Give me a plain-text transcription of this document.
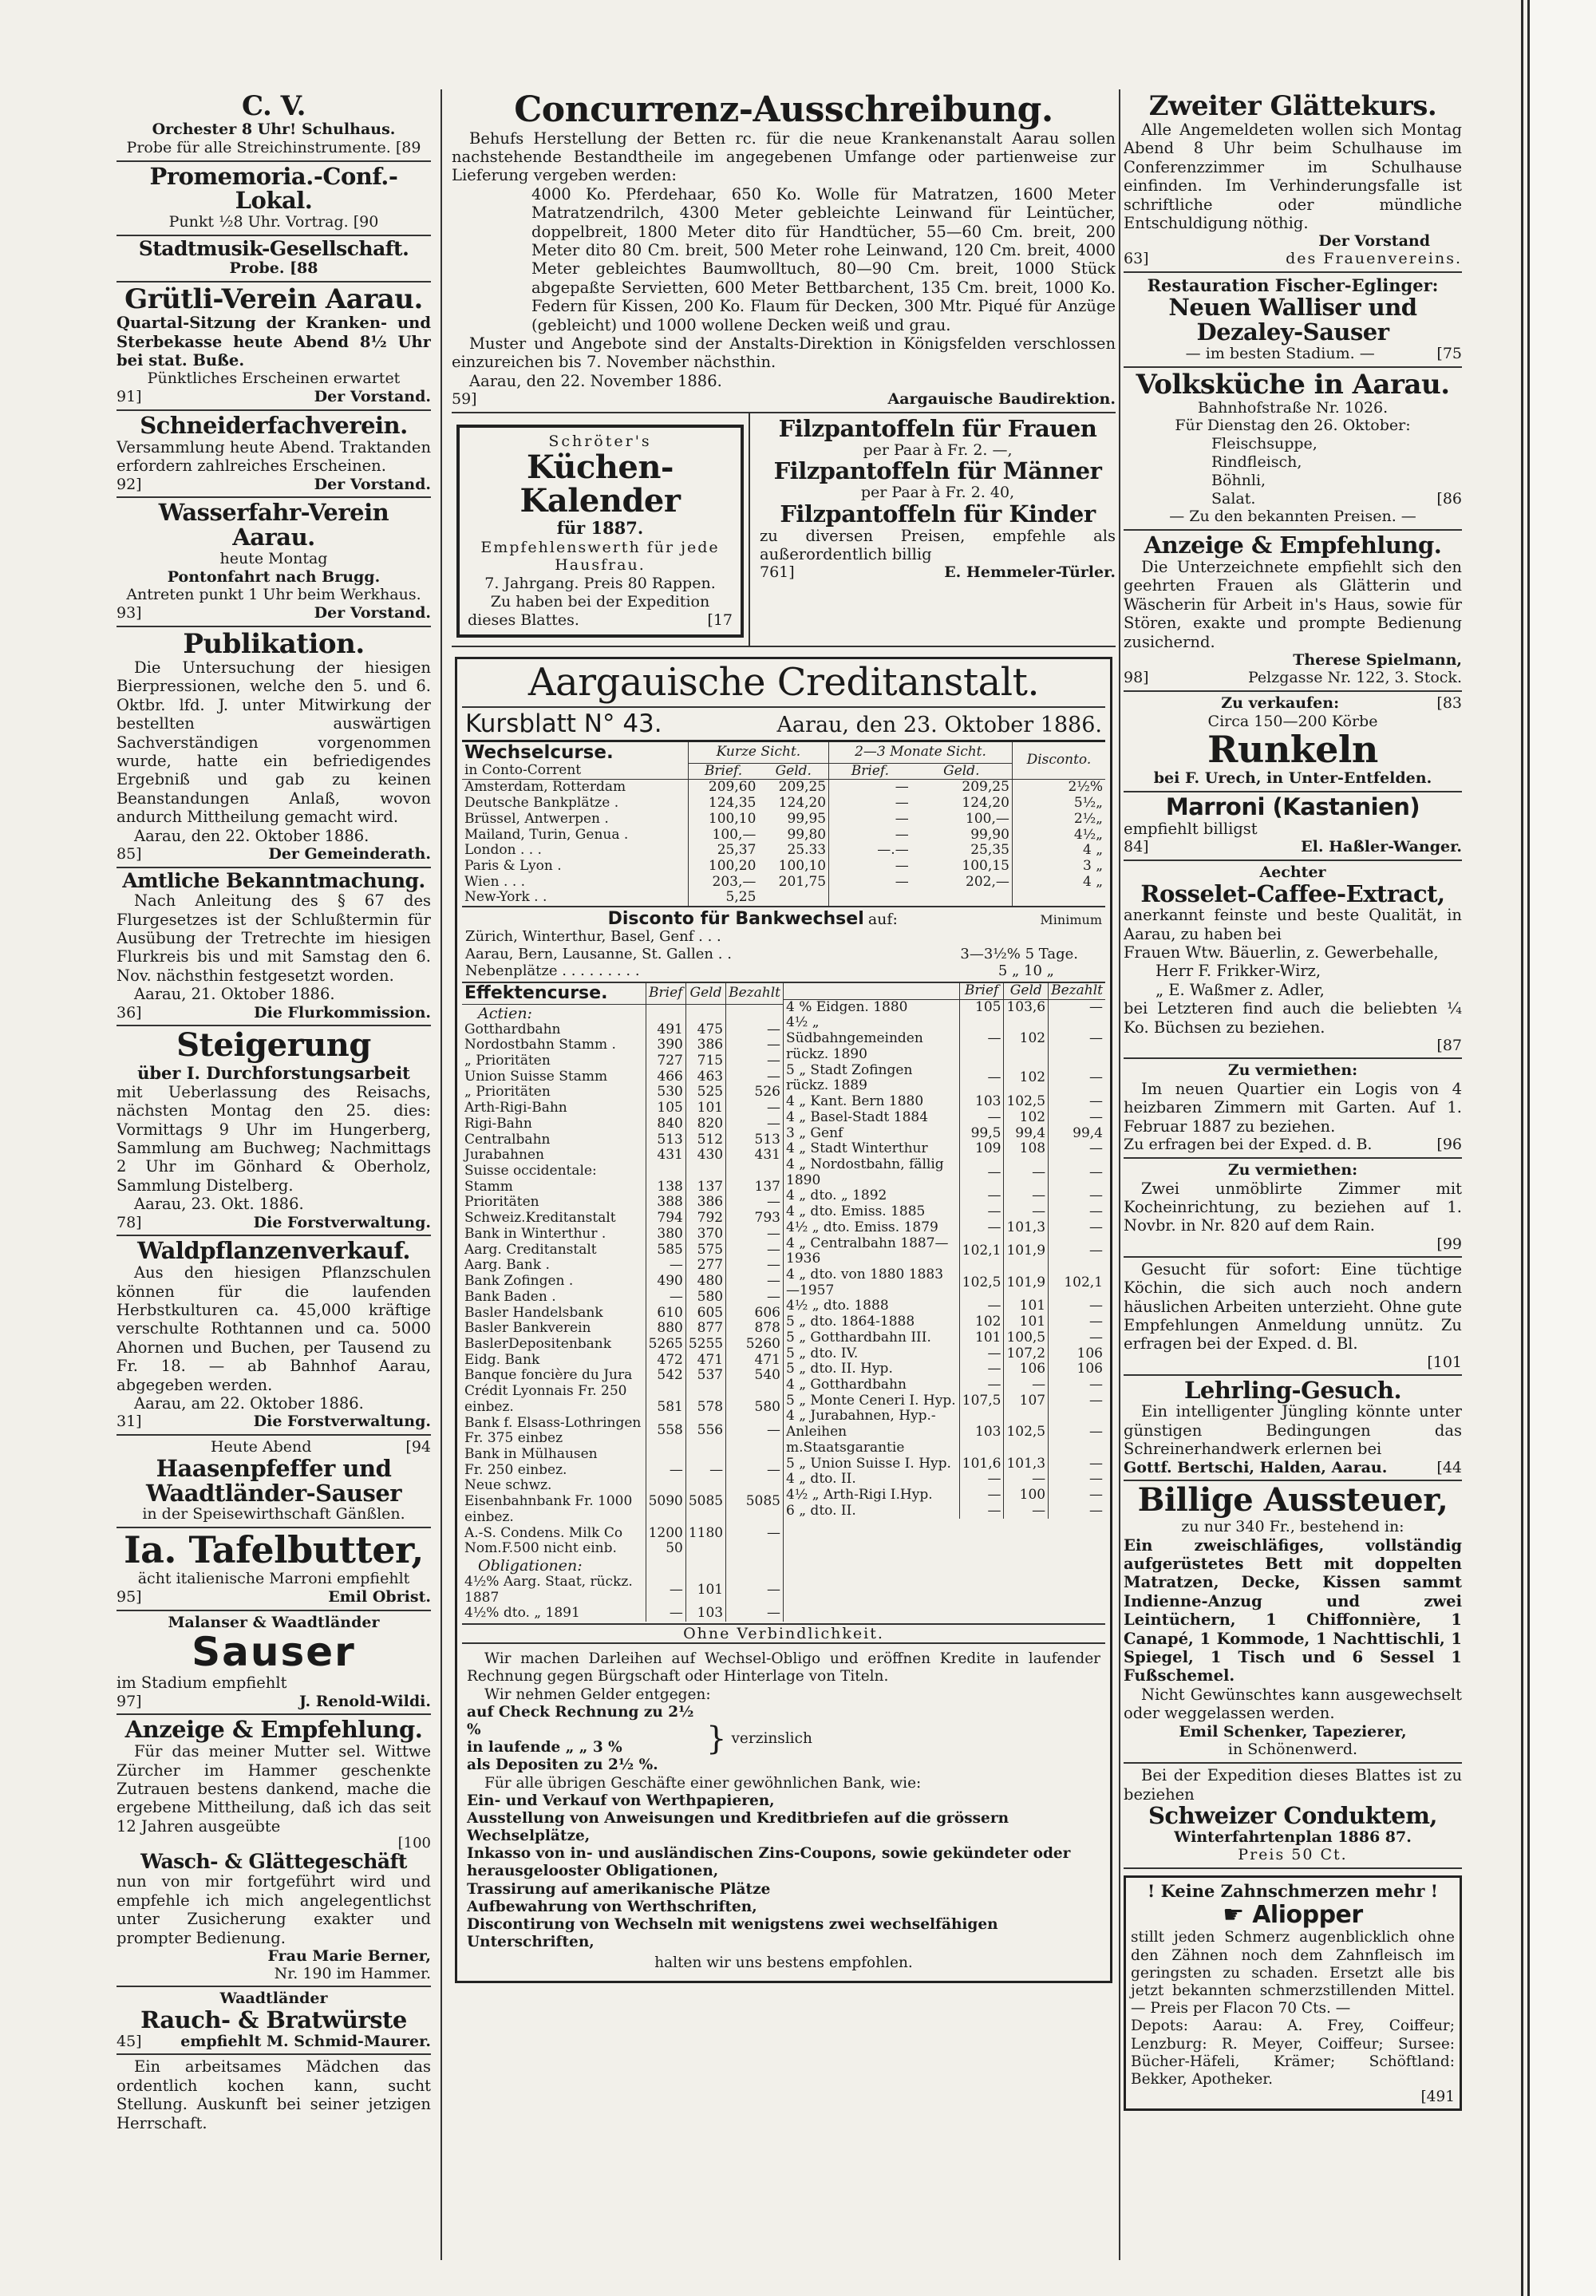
C. V.
Orchester 8 Uhr! Schulhaus.
Probe für alle Streichinstrumente. [89
Promemoria.-Conf.-Lokal.
Punkt ½8 Uhr. Vortrag. [90
Stadtmusik-Gesellschaft.
Probe. [88
Grütli-Verein Aarau.
Quartal-Sitzung der Kranken- und Sterbekasse heute Abend 8½ Uhr bei stat. Buße.
Pünktliches Erscheinen erwartet
91]	Der Vorstand.
Schneiderfachverein.
Versammlung heute Abend. Traktanden erfordern zahlreiches Erscheinen.
92]	Der Vorstand.
Wasserfahr-Verein Aarau.
heute Montag
Pontonfahrt nach Brugg.
Antreten punkt 1 Uhr beim Werkhaus.
93]	Der Vorstand.
Publikation.
Die Untersuchung der hiesigen Bierpressionen, welche den 5. und 6. Oktbr. lfd. J. unter Mitwirkung der bestellten auswärtigen Sachverständigen vorgenommen wurde, hatte ein befriedigendes Ergebniß und gab zu keinen Beanstandungen Anlaß, wovon andurch Mittheilung gemacht wird.
Aarau, den 22. Oktober 1886.
85]	Der Gemeinderath.
Amtliche Bekanntmachung.
Nach Anleitung des § 67 des Flurgesetzes ist der Schlußtermin für Ausübung der Tretrechte im hiesigen Flurkreis bis und mit Samstag den 6. Nov. nächsthin festgesetzt worden.
Aarau, 21. Oktober 1886.
36]	Die Flurkommission.
Steigerung
über I. Durchforstungsarbeit
mit Ueberlassung des Reisachs, nächsten Montag den 25. dies: Vormittags 9 Uhr im Hungerberg, Sammlung am Buchweg; Nachmittags 2 Uhr im Gönhard & Oberholz, Sammlung Distelberg.
Aarau, 23. Okt. 1886.
78]	Die Forstverwaltung.
Waldpflanzenverkauf.
Aus den hiesigen Pflanzschulen können für die laufenden Herbstkulturen ca. 45,000 kräftige verschulte Rothtannen und ca. 5000 Ahornen und Buchen, per Tausend zu Fr. 18. — ab Bahnhof Aarau, abgegeben werden.
Aarau, am 22. Oktober 1886.
31]	Die Forstverwaltung.
Heute Abend	[94
Haasenpfeffer und
Waadtländer-Sauser
in der Speisewirthschaft Gänßlen.
Ia. Tafelbutter,
ächt italienische Marroni empfiehlt
95]	Emil Obrist.
Malanser & Waadtländer
Sauser
im Stadium empfiehlt
97]	J. Renold-Wildi.
Anzeige & Empfehlung.
Für das meiner Mutter sel. Wittwe Zürcher im Hammer geschenkte Zutrauen bestens dankend, mache die ergebene Mittheilung, daß ich das seit 12 Jahren ausgeübte
[100
Wasch- & Glättegeschäft
nun von mir fortgeführt wird und empfehle ich mich angelegentlichst unter Zusicherung exakter und prompter Bedienung.
Frau Marie Berner,
Nr. 190 im Hammer.
Waadtländer
Rauch- & Bratwürste
45]	empfiehlt M. Schmid-Maurer.
Ein arbeitsames Mädchen das ordentlich kochen kann, sucht Stellung. Auskunft bei seiner jetzigen Herrschaft.
Concurrenz-Ausschreibung.
Behufs Herstellung der Betten rc. für die neue Krankenanstalt Aarau sollen nachstehende Bestandtheile im angegebenen Umfange oder partienweise zur Lieferung vergeben werden:
4000 Ko. Pferdehaar, 650 Ko. Wolle für Matratzen, 1600 Meter Matratzendrilch, 4300 Meter gebleichte Leinwand für Leintücher, doppelbreit, 1800 Meter dito für Handtücher, 55—60 Cm. breit, 200 Meter dito 80 Cm. breit, 500 Meter rohe Leinwand, 120 Cm. breit, 4000 Meter gebleichtes Baumwolltuch, 80—90 Cm. breit, 1000 Stück abgepaßte Servietten, 600 Meter Bettbarchent, 135 Cm. breit, 1000 Ko. Federn für Kissen, 200 Ko. Flaum für Decken, 300 Mtr. Piqué für Anzüge (gebleicht) und 1000 wollene Decken weiß und grau.
Muster und Angebote sind der Anstalts-Direktion in Königsfelden verschlossen einzureichen bis 7. November nächsthin.
Aarau, den 22. November 1886.
59]	Aargauische Baudirektion.
Schröter's
Küchen-Kalender
für 1887.
Empfehlenswerth für jede Hausfrau.
7. Jahrgang. Preis 80 Rappen.
Zu haben bei der Expedition
dieses Blattes.	[17
Filzpantoffeln für Frauen
per Paar à Fr. 2. —,
Filzpantoffeln für Männer
per Paar à Fr. 2. 40,
Filzpantoffeln für Kinder
zu diversen Preisen, empfehle als außerordentlich billig
761]	E. Hemmeler-Türler.
Aargauische Creditanstalt.
Kursblatt N° 43.	Aarau, den 23. Oktober 1886.
Wechselcurse.	Kurze Sicht.		2—3 Monate Sicht.		Disconto.
in Conto-Corrent	Brief.	Geld.	Brief.	Geld.	
Amsterdam, Rotterdam	209,60	209,25	—	209,25	2½%
Deutsche Bankplätze .	124,35	124,20	—	124,20	5½„
Brüssel, Antwerpen .	100,10	99,95	—	100,—	2½„
Mailand, Turin, Genua .	100,—	99,80	—	99,90	4½„
London . . .	25,37	25.33	—.—	25,35	4 „
Paris & Lyon .	100,20	100,10	—	100,15	3 „
Wien . . .	203,—	201,75	—	202,—	4 „
New-York . .	5,25				
Disconto für Bankwechsel auf:	Minimum
Zürich, Winterthur, Basel, Genf . . .
Aarau, Bern, Lausanne, St. Gallen . .	3—3½% 5 Tage.
Nebenplätze . . . . . . . . .	5 „ 10 „
Effektencurse.	Brief	Geld	Bezahlt
Actien:			
Gotthardbahn	491	475	—
Nordostbahn Stamm .	390	386	—
„ Prioritäten	727	715	—
Union Suisse Stamm	466	463	—
„ Prioritäten	530	525	526
Arth-Rigi-Bahn	105	101	—
Rigi-Bahn	840	820	—
Centralbahn	513	512	513
Jurabahnen	431	430	431
Suisse occidentale:			
Stamm	138	137	137
Prioritäten	388	386	—
Schweiz.Kreditanstalt	794	792	793
Bank in Winterthur .	380	370	—
Aarg. Creditanstalt	585	575	—
Aarg. Bank .	—	277	—
Bank Zofingen .	490	480	—
Bank Baden .	—	580	—
Basler Handelsbank	610	605	606
Basler Bankverein	880	877	878
BaslerDepositenbank	5265	5255	5260
Eidg. Bank	472	471	471
Banque foncière du Jura	542	537	540
Crédit Lyonnais Fr. 250			
einbez.	581	578	580
Bank f. Elsass-Lothringen Fr. 375 einbez	558	556	—
Bank in Mülhausen			
Fr. 250 einbez.	—	—	—
Neue schwz. Eisenbahnbank Fr. 1000 einbez.	5090	5085	5085
A.-S. Condens. Milk Co	1200	1180	—
Nom.F.500 nicht einb.	50		
Obligationen:			
4½% Aarg. Staat, rückz. 1887	—	101	—
4½% dto. „ 1891	—	103	—
	Brief	Geld	Bezahlt
4 % Eidgen. 1880	105	103,6	—
4½ „ Südbahngemeinden rückz. 1890	—	102	—
5 „ Stadt Zofingen rückz. 1889	—	102	—
4 „ Kant. Bern 1880	103	102,5	—
4 „ Basel-Stadt 1884	—	102	—
3 „ Genf	99,5	99,4	99,4
4 „ Stadt Winterthur	109	108	—
4 „ Nordostbahn, fällig 1890	—	—	—
4 „ dto. „ 1892	—	—	—
4 „ dto. Emiss. 1885	—	—	—
4½ „ dto. Emiss. 1879	—	101,3	—
4 „ Centralbahn 1887—1936	102,1	101,9	—
4 „ dto. von 1880 1883—1957	102,5	101,9	102,1
4½ „ dto. 1888	—	101	—
5 „ dto. 1864-1888	102	101	—
5 „ Gotthardbahn III.	101	100,5	—
5 „ dto. IV.	—	107,2	106
5 „ dto. II. Hyp.	—	106	106
4 „ Gotthardbahn	—	—	—
5 „ Monte Ceneri I. Hyp.	107,5	107	—
4 „ Jurabahnen, Hyp.-Anleihen m.Staatsgarantie	103	102,5	—
5 „ Union Suisse I. Hyp.	101,6	101,3	—
4 „ dto. II.	—	—	—
4½ „ Arth-Rigi I.Hyp.	—	100	—
6 „ dto. II.	—	—	—
Ohne Verbindlichkeit.
Wir machen Darleihen auf Wechsel-Obligo und eröffnen Kredite in laufender Rechnung gegen Bürgschaft oder Hinterlage von Titeln.
Wir nehmen Gelder entgegen:
auf Check Rechnung zu 2½ %
in laufende „ „ 3 %
als Depositen zu 2½ %.
} verzinslich
Für alle übrigen Geschäfte einer gewöhnlichen Bank, wie:
Ein- und Verkauf von Werthpapieren,
Ausstellung von Anweisungen und Kreditbriefen auf die grössern Wechselplätze,
Inkasso von in- und ausländischen Zins-Coupons, sowie gekündeter oder herausgelooster Obligationen,
Trassirung auf amerikanische Plätze
Aufbewahrung von Werthschriften,
Discontirung von Wechseln mit wenigstens zwei wechselfähigen Unterschriften,
halten wir uns bestens empfohlen.
Zweiter Glättekurs.
Alle Angemeldeten wollen sich Montag Abend 8 Uhr beim Schulhause im Conferenzzimmer im Schulhause einfinden. Im Verhinderungsfalle ist schriftliche oder mündliche Entschuldigung nöthig.
Der Vorstand
63]	des Frauenvereins.
Restauration Fischer-Eglinger:
Neuen Walliser und
Dezaley-Sauser
— im besten Stadium. —	[75
Volksküche in Aarau.
Bahnhofstraße Nr. 1026.
Für Dienstag den 26. Oktober:
Fleischsuppe,
Rindfleisch,
Böhnli,
Salat.	[86
— Zu den bekannten Preisen. —
Anzeige & Empfehlung.
Die Unterzeichnete empfiehlt sich den geehrten Frauen als Glätterin und Wäscherin für Arbeit in's Haus, sowie für Stören, exakte und prompte Bedienung zusichernd.
Therese Spielmann,
98]	Pelzgasse Nr. 122, 3. Stock.
Zu verkaufen:	[83
Circa 150—200 Körbe
Runkeln
bei F. Urech, in Unter-Entfelden.
Marroni (Kastanien)
empfiehlt billigst
84]	El. Haßler-Wanger.
Aechter
Rosselet-Caffee-Extract,
anerkannt feinste und beste Qualität, in Aarau, zu haben bei
Frauen Wtw. Bäuerlin, z. Gewerbehalle,
Herr F. Frikker-Wirz,
„ E. Waßmer z. Adler,
bei Letzteren find auch die beliebten ¼ Ko. Büchsen zu beziehen.
[87
Zu vermiethen:
Im neuen Quartier ein Logis von 4 heizbaren Zimmern mit Garten. Auf 1. Februar 1887 zu beziehen.
Zu erfragen bei der Exped. d. B.	[96
Zu vermiethen:
Zwei unmöblirte Zimmer mit Kocheinrichtung, zu beziehen auf 1. Novbr. in Nr. 820 auf dem Rain.
[99
Gesucht für sofort: Eine tüchtige Köchin, die sich auch noch andern häuslichen Arbeiten unterzieht. Ohne gute Empfehlungen Anmeldung unnütz. Zu erfragen bei der Exped. d. Bl.
[101
Lehrling-Gesuch.
Ein intelligenter Jüngling könnte unter günstigen Bedingungen das Schreinerhandwerk erlernen bei
Gottf. Bertschi, Halden, Aarau.	[44
Billige Aussteuer,
zu nur 340 Fr., bestehend in:
Ein zweischläfiges, vollständig aufgerüstetes Bett mit doppelten Matratzen, Decke, Kissen sammt Indienne-Anzug und zwei Leintüchern, 1 Chiffonnière, 1 Canapé, 1 Kommode, 1 Nachttischli, 1 Spiegel, 1 Tisch und 6 Sessel 1 Fußschemel.
Nicht Gewünschtes kann ausgewechselt oder weggelassen werden.
Emil Schenker, Tapezierer,
in Schönenwerd.
Bei der Expedition dieses Blattes ist zu beziehen
Schweizer Conduktem,
Winterfahrtenplan 1886 87.
Preis 50 Ct.
! Keine Zahnschmerzen mehr !
☛ Aliopper
stillt jeden Schmerz augenblicklich ohne den Zähnen noch dem Zahnfleisch im geringsten zu schaden. Ersetzt alle bis jetzt bekannten schmerzstillenden Mittel. — Preis per Flacon 70 Cts. —
Depots: Aarau: A. Frey, Coiffeur; Lenzburg: R. Meyer, Coiffeur; Sursee: Bücher-Häfeli, Krämer; Schöftland: Bekker, Apotheker.
[491
